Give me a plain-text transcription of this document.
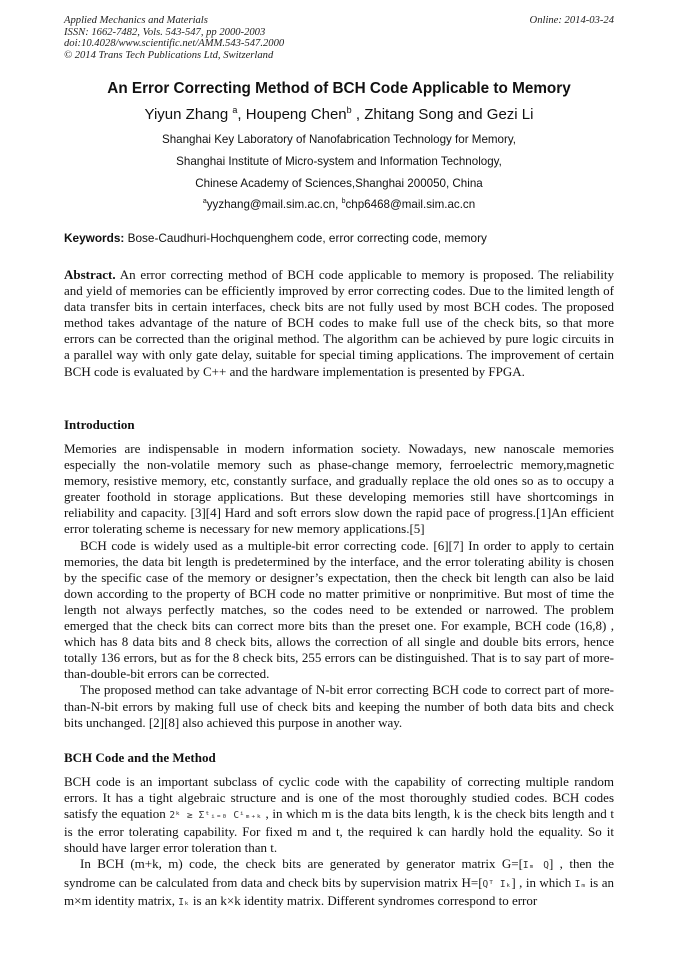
Applied Mechanics and Materials
ISSN: 1662-7482, Vols. 543-547, pp 2000-2003
doi:10.4028/www.scientific.net/AMM.543-547.2000
© 2014 Trans Tech Publications Ltd, Switzerland
Online: 2014-03-24
An Error Correcting Method of BCH Code Applicable to Memory
Yiyun Zhang $^a$, Houpeng Chen$^b$ , Zhitang Song and Gezi Li
Shanghai Key Laboratory of Nanofabrication Technology for Memory,
Shanghai Institute of Micro-system and Information Technology,
Chinese Academy of Sciences,Shanghai 200050, China
$^a$yyzhang@mail.sim.ac.cn, $^b$chp6468@mail.sim.ac.cn
Keywords: Bose-Caudhuri-Hochquenghem code, error correcting code, memory

Abstract. An error correcting method of BCH code applicable to memory is proposed. The reliability and yield of memories can be efficiently improved by error correcting codes. Due to the limited length of data transfer bits in certain interfaces, check bits are not fully used by most BCH codes. The proposed method takes advantage of the nature of BCH codes to make full use of the check bits, so that more errors can be corrected than the original method. The algorithm can be achieved by pure logic circuits in a parallel way with only gate delay, suitable for special timing applications. The improvement of certain BCH code is evaluated by C++ and the hardware implementation is presented by FPGA.

Introduction

Memories are indispensable in modern information society. Nowadays, new nanoscale memories especially the non-volatile memory such as phase-change memory, ferroelectric memory,magnetic memory, resistive memory, etc, constantly surface, and gradually replace the old ones so as to occupy a greater foothold in storage applications. But these developing memories still have shortcomings in reliability and capacity. [3][4] Hard and soft errors slow down the rapid pace of progress.[1]An efficient error tolerating scheme is necessary for new memory applications.[5]

BCH code is widely used as a multiple-bit error correcting code. [6][7] In order to apply to certain memories, the data bit length is predetermined by the interface, and the error tolerating ability is chosen by the specific case of the memory or designer’s expectation, then the check bit length can also be laid down according to the property of BCH code no matter primitive or nonprimitive. But most of time the length not always perfectly matches, so the codes need to be extended or narrowed. The problem emerged that the check bits can correct more bits than the preset one. For example, BCH code (16,8) , which has 8 data bits and 8 check bits, allows the correction of all single and double bits errors, hence totally 136 errors, but as for the 8 check bits, 255 errors can be distinguished. That is to say part of more-than-double-bit errors can be corrected.

The proposed method can take advantage of N-bit error correcting BCH code to correct part of more-than-N-bit errors by making full use of check bits and keeping the number of both data bits and check bits unchanged. [2][8] also achieved this purpose in another way.

BCH Code and the Method

BCH code is an important subclass of cyclic code with the capability of correcting multiple random errors. It has a tight algebraic structure and is one of the most thoroughly studied codes. BCH codes satisfy the equation 2ᵏ ≥ Σᵗᵢ₌₀ Cⁱₘ₊ₖ , in which m is the data bits length, k is the check bits length and t is the error tolerating capability. For fixed m and t, the required k can hardly hold the equality. So it should have larger error toleration than t.

In BCH (m+k, m) code, the check bits are generated by generator matrix G=[Iₘ Q] , then the syndrome can be calculated from data and check bits by supervision matrix H=[Qᵀ Iₖ] , in which Iₘ is an m×m identity matrix, Iₖ is an k×k identity matrix. Different syndromes correspond to error
